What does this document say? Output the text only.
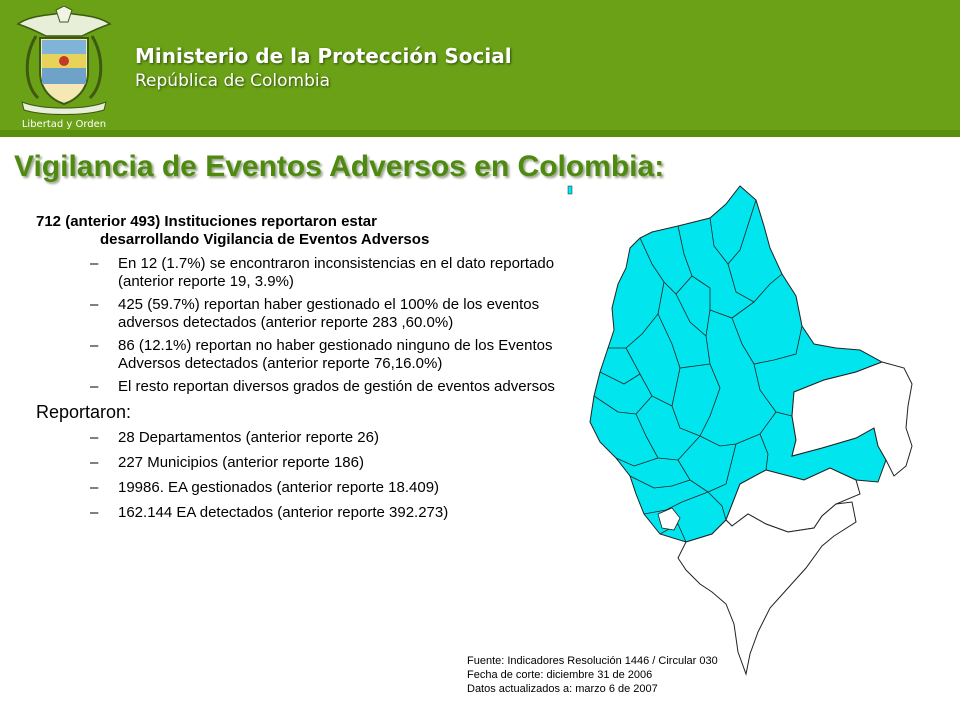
Libertad y Orden
Ministerio de la Protección Social
República de Colombia
Vigilancia de Eventos Adversos en Colombia:

712 (anterior 493) Instituciones reportaron estar
desarrollando Vigilancia de Eventos Adversos

– En 12 (1.7%) se encontraron inconsistencias en el dato reportado (anterior reporte 19, 3.9%)
– 425 (59.7%) reportan haber gestionado el 100% de los eventos adversos detectados (anterior reporte 283 ,60.0%)
– 86 (12.1%) reportan no haber gestionado ninguno de los Eventos Adversos detectados (anterior reporte 76,16.0%)
– El resto reportan diversos grados de gestión de eventos adversos
Reportaron:
– 28 Departamentos (anterior reporte 26)
– 227 Municipios (anterior reporte 186)
– 19986. EA gestionados (anterior reporte 18.409)
– 162.144 EA detectados (anterior reporte 392.273)
Fuente: Indicadores Resolución 1446 / Circular 030
Fecha de corte: diciembre 31 de 2006
Datos actualizados a: marzo 6 de 2007
